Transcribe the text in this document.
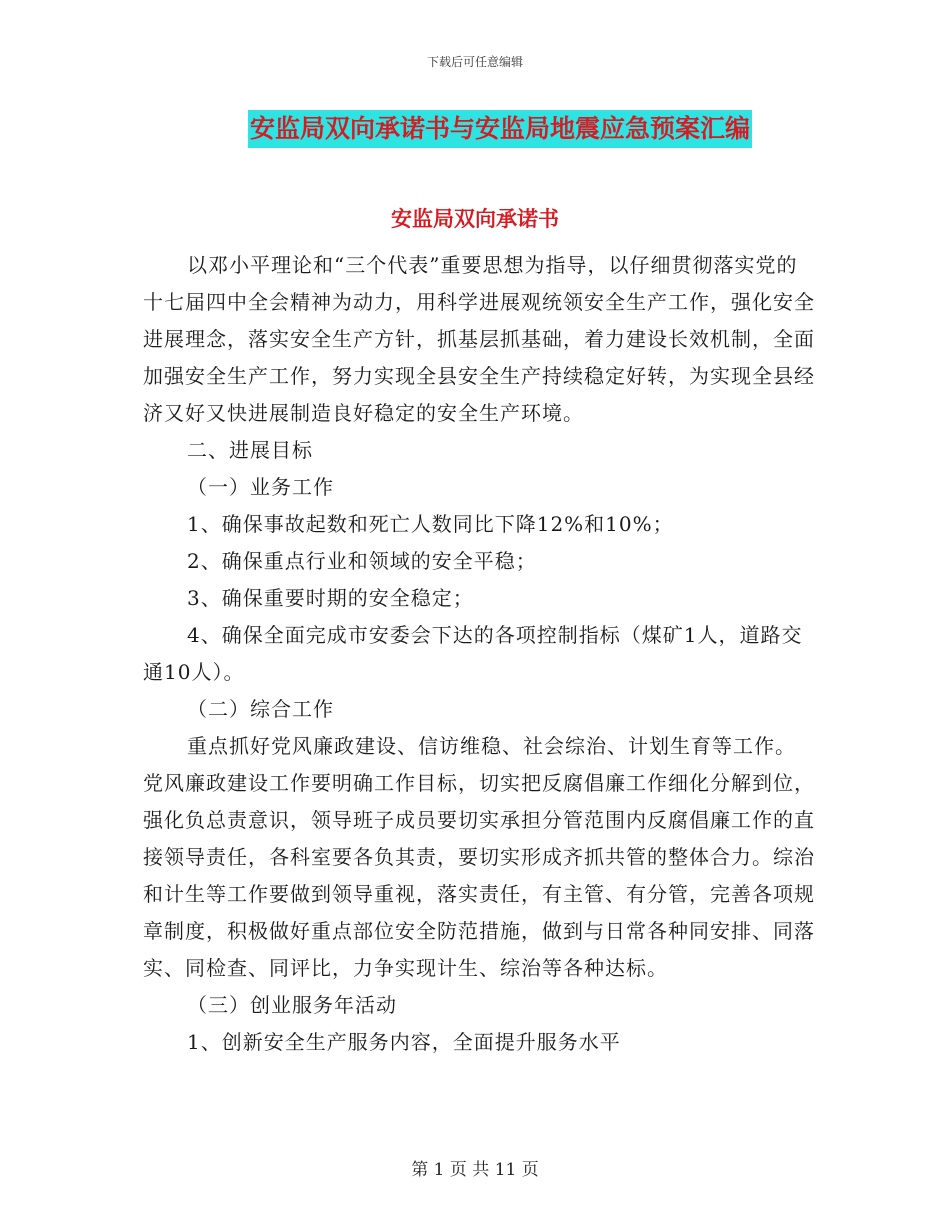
下载后可任意编辑
安监局双向承诺书与安监局地震应急预案汇编
安监局双向承诺书

以邓小平理论和“三个代表”重要思想为指导，以仔细贯彻落实党的十七届四中全会精神为动力，用科学进展观统领安全生产工作，强化安全进展理念，落实安全生产方针，抓基层抓基础，着力建设长效机制，全面加强安全生产工作，努力实现全县安全生产持续稳定好转，为实现全县经济又好又快进展制造良好稳定的安全生产环境。

二、进展目标

（一）业务工作

1、确保事故起数和死亡人数同比下降12%和10%；

2、确保重点行业和领域的安全平稳；

3、确保重要时期的安全稳定；

4、确保全面完成市安委会下达的各项控制指标（煤矿1人，道路交通10人）。

（二）综合工作

重点抓好党风廉政建设、信访维稳、社会综治、计划生育等工作。党风廉政建设工作要明确工作目标，切实把反腐倡廉工作细化分解到位，强化负总责意识，领导班子成员要切实承担分管范围内反腐倡廉工作的直接领导责任，各科室要各负其责，要切实形成齐抓共管的整体合力。综治和计生等工作要做到领导重视，落实责任，有主管、有分管，完善各项规章制度，积极做好重点部位安全防范措施，做到与日常各种同安排、同落实、同检查、同评比，力争实现计生、综治等各种达标。

（三）创业服务年活动

1、创新安全生产服务内容，全面提升服务水平

第 1 页 共 11 页
